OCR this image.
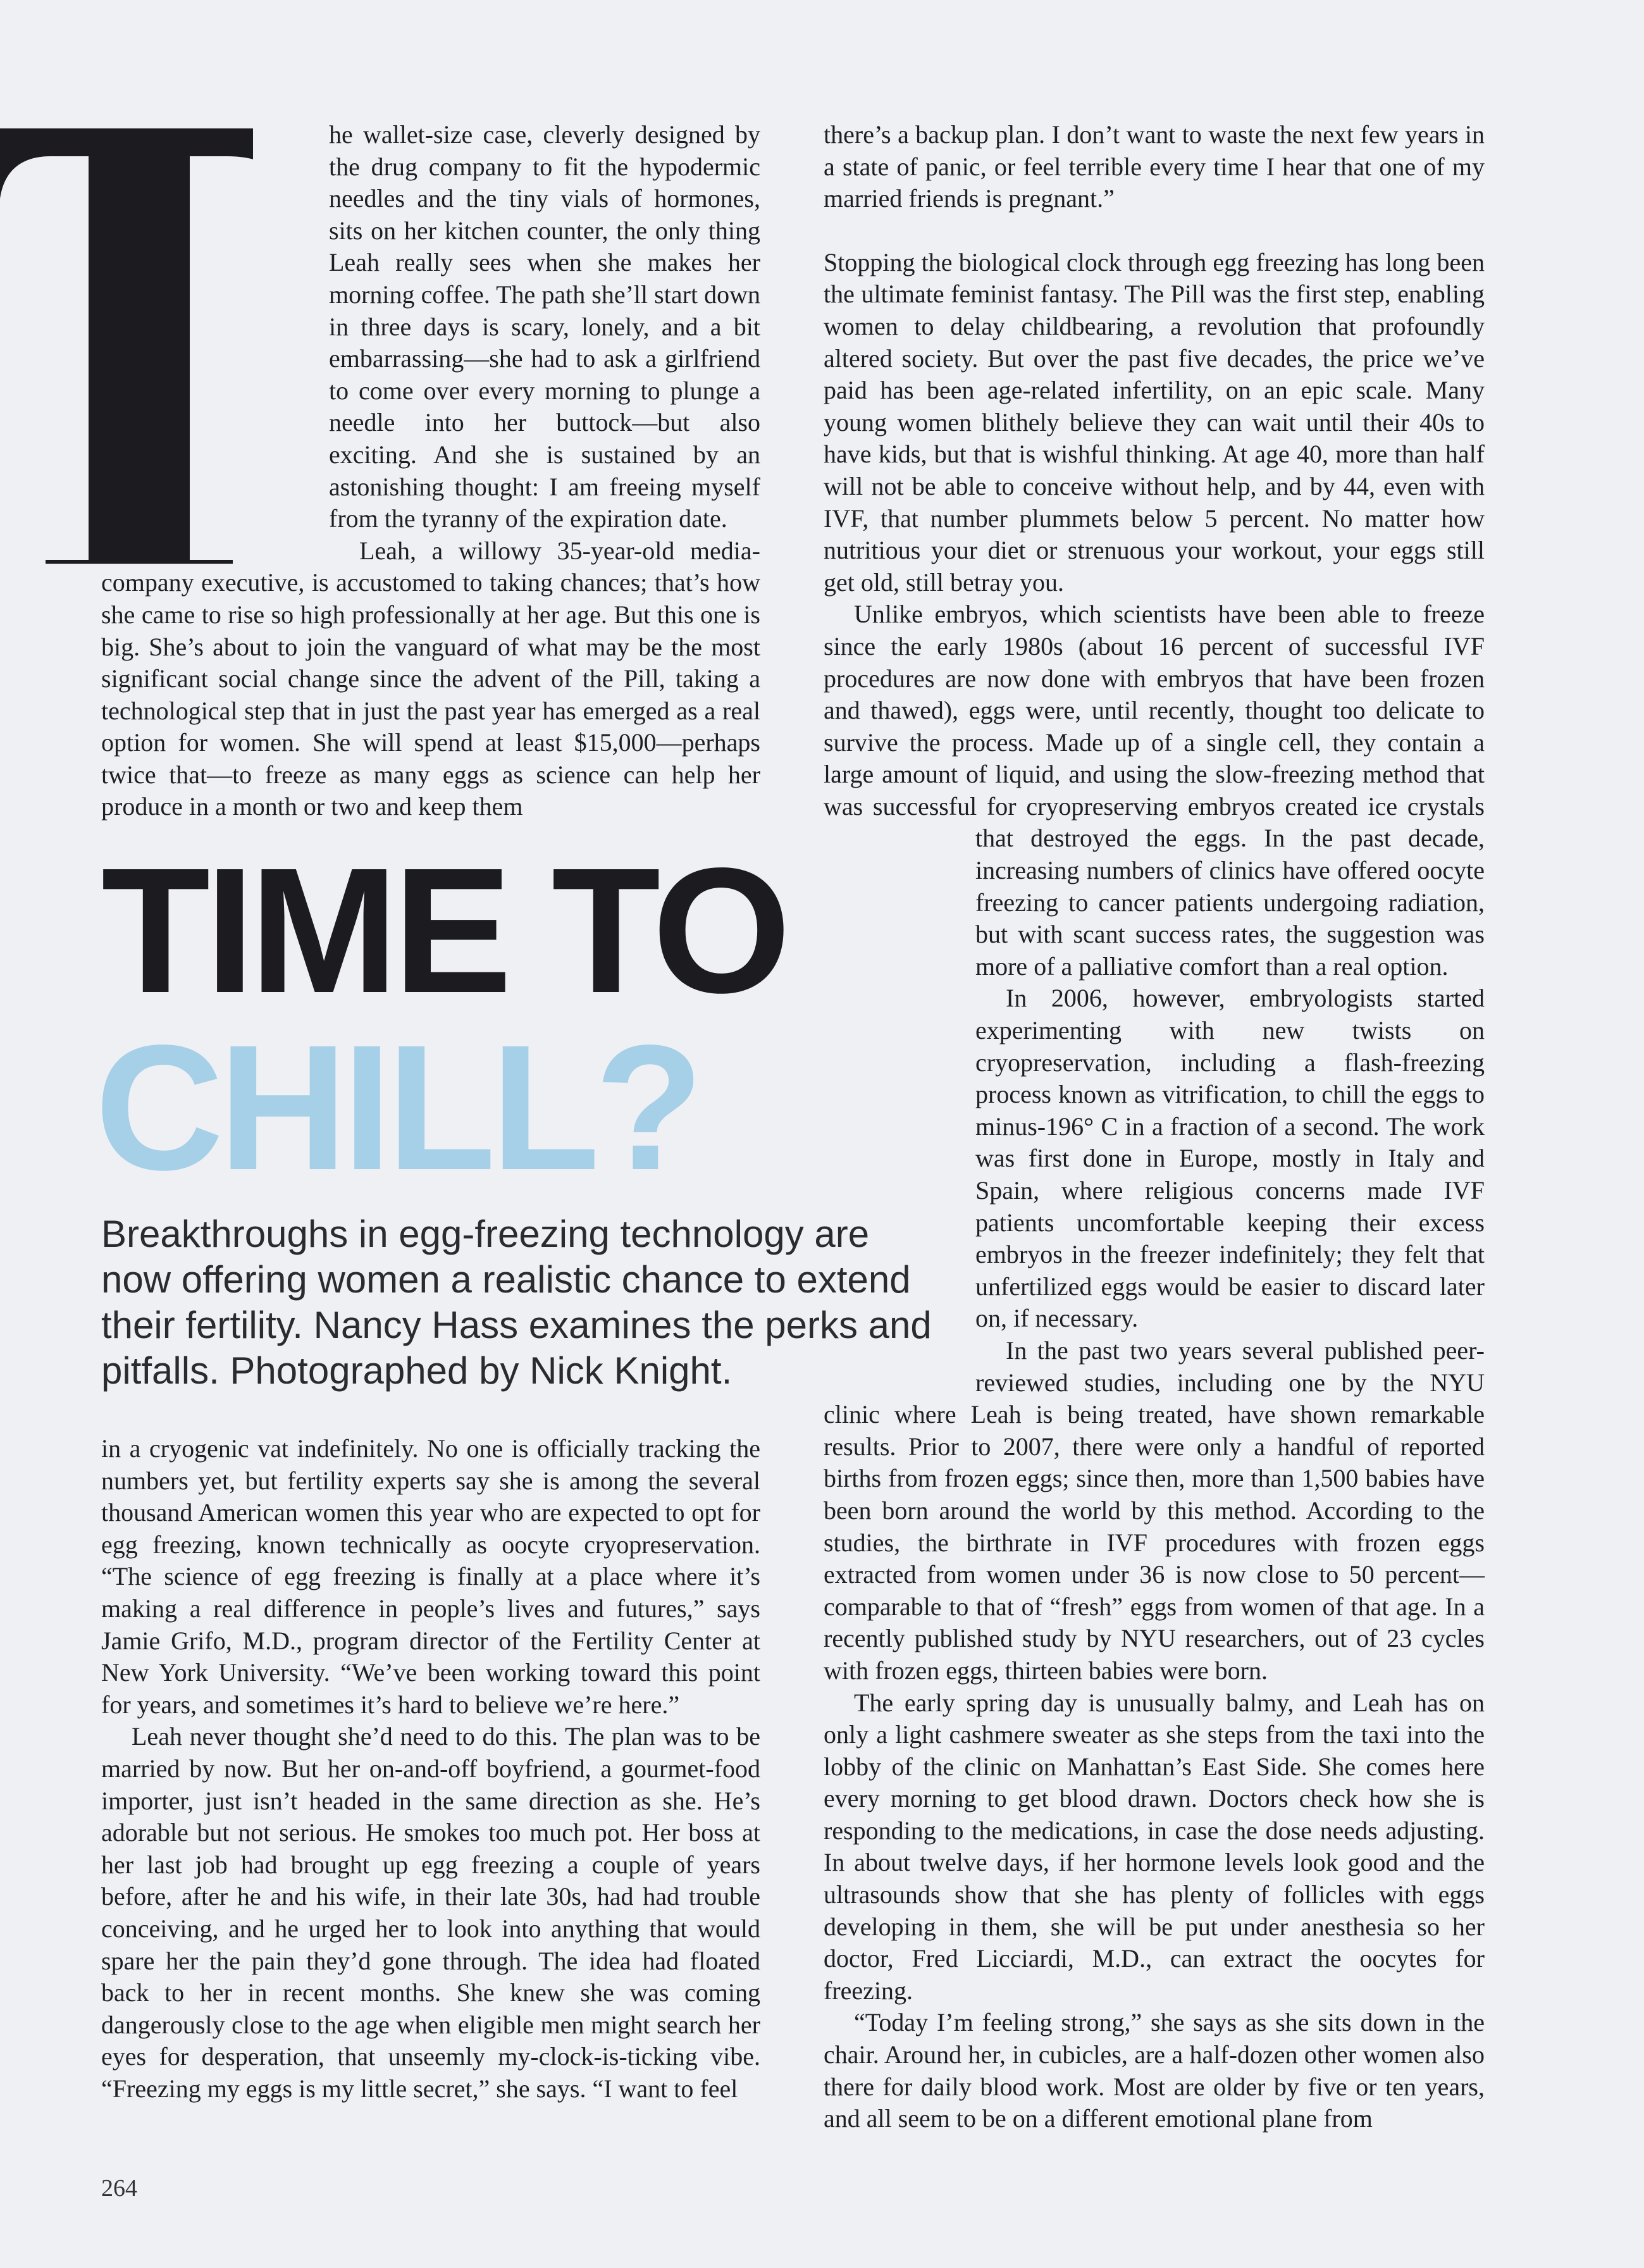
he wallet-size case, cleverly designed by the drug company to fit the hypodermic needles and the tiny vials of hormones, sits on her kitchen counter, the only thing Leah really sees when she makes her morning coffee. The path she’ll start down in three days is scary, lonely, and a bit embarrassing—she had to ask a girlfriend to come over every morning to plunge a needle into her buttock—but also exciting. And she is sustained by an astonishing thought: I am freeing myself from the tyranny of the expiration date.

Leah, a willowy 35-year-old media-company executive, is accustomed to taking chances; that’s how she came to rise so high professionally at her age. But this one is big. She’s about to join the vanguard of what may be the most significant social change since the advent of the Pill, taking a technological step that in just the past year has emerged as a real option for women. She will spend at least $15,000—perhaps twice that—to freeze as many eggs as science can help her produce in a month or two and keep them

TIME TO
CHILL?
Breakthroughs in egg-freezing technology are now offering women a realistic chance to extend their fertility. Nancy Hass examines the perks and pitfalls. Photographed by Nick Knight.

in a cryogenic vat indefinitely. No one is officially tracking the numbers yet, but fertility experts say she is among the several thousand American women this year who are expected to opt for egg freezing, known technically as oocyte cryopreservation. “The science of egg freezing is finally at a place where it’s making a real difference in people’s lives and futures,” says Jamie Grifo, M.D., program director of the Fertility Center at New York University. “We’ve been working toward this point for years, and sometimes it’s hard to believe we’re here.”

Leah never thought she’d need to do this. The plan was to be married by now. But her on-and-off boyfriend, a gourmet-food importer, just isn’t headed in the same direction as she. He’s adorable but not serious. He smokes too much pot. Her boss at her last job had brought up egg freezing a couple of years before, after he and his wife, in their late 30s, had had trouble conceiving, and he urged her to look into anything that would spare her the pain they’d gone through. The idea had floated back to her in recent months. She knew she was coming dangerously close to the age when eligible men might search her eyes for desperation, that unseemly my-clock-is-ticking vibe. “Freezing my eggs is my little secret,” she says. “I want to feel

there’s a backup plan. I don’t want to waste the next few years in a state of panic, or feel terrible every time I hear that one of my married friends is pregnant.”

Stopping the biological clock through egg freezing has long been the ultimate feminist fantasy. The Pill was the first step, enabling women to delay childbearing, a revolution that profoundly altered society. But over the past five decades, the price we’ve paid has been age-related infertility, on an epic scale. Many young women blithely believe they can wait until their 40s to have kids, but that is wishful thinking. At age 40, more than half will not be able to conceive without help, and by 44, even with IVF, that number plummets below 5 percent. No matter how nutritious your diet or strenuous your workout, your eggs still get old, still betray you.

Unlike embryos, which scientists have been able to freeze since the early 1980s (about 16 percent of successful IVF procedures are now done with embryos that have been frozen and thawed), eggs were, until recently, thought too delicate to survive the process. Made up of a single cell, they contain a large amount of liquid, and using the slow-freezing method that was successful for cryopreserving embryos created ice crystals that destroyed the eggs. In the past decade, increasing numbers of clinics have offered oocyte freezing to cancer patients undergoing radiation, but with scant success rates, the suggestion was more of a palliative comfort than a real option.

In 2006, however, embryologists started experimenting with new twists on cryopreservation, including a flash-freezing process known as vitrification, to chill the eggs to minus-196° C in a fraction of a second. The work was first done in Europe, mostly in Italy and Spain, where religious concerns made IVF patients uncomfortable keeping their excess embryos in the freezer indefinitely; they felt that unfertilized eggs would be easier to discard later on, if necessary.

In the past two years several published peer-reviewed studies, including one by the NYU clinic where Leah is being treated, have shown remarkable results. Prior to 2007, there were only a handful of reported births from frozen eggs; since then, more than 1,500 babies have been born around the world by this method. According to the studies, the birthrate in IVF procedures with frozen eggs extracted from women under 36 is now close to 50 percent—comparable to that of “fresh” eggs from women of that age. In a recently published study by NYU researchers, out of 23 cycles with frozen eggs, thirteen babies were born.

The early spring day is unusually balmy, and Leah has on only a light cashmere sweater as she steps from the taxi into the lobby of the clinic on Manhattan’s East Side. She comes here every morning to get blood drawn. Doctors check how she is responding to the medications, in case the dose needs adjusting. In about twelve days, if her hormone levels look good and the ultrasounds show that she has plenty of follicles with eggs developing in them, she will be put under anesthesia so her doctor, Fred Licciardi, M.D., can extract the oocytes for freezing.

“Today I’m feeling strong,” she says as she sits down in the chair. Around her, in cubicles, are a half-dozen other women also there for daily blood work. Most are older by five or ten years, and all seem to be on a different emotional plane from

264
